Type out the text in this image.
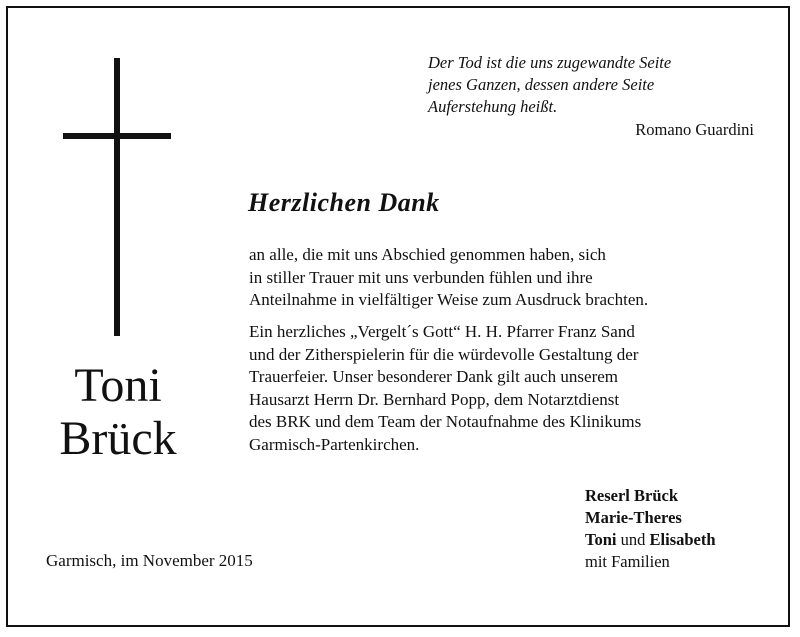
Der Tod ist die uns zugewandte Seite
jenes Ganzen, dessen andere Seite
Auferstehung heißt.
Romano Guardini
Herzlichen Dank
an alle, die mit uns Abschied genommen haben, sich
in stiller Trauer mit uns verbunden fühlen und ihre
Anteilnahme in vielfältiger Weise zum Ausdruck brachten.
Ein herzliches „Vergelt´s Gott“ H. H. Pfarrer Franz Sand
und der Zitherspielerin für die würdevolle Gestaltung der
Trauerfeier. Unser besonderer Dank gilt auch unserem
Hausarzt Herrn Dr. Bernhard Popp, dem Notarztdienst
des BRK und dem Team der Notaufnahme des Klinikums
Garmisch-Partenkirchen.
Toni
Brück
Garmisch, im November 2015
Reserl Brück
Marie-Theres
Toni und Elisabeth
mit Familien
